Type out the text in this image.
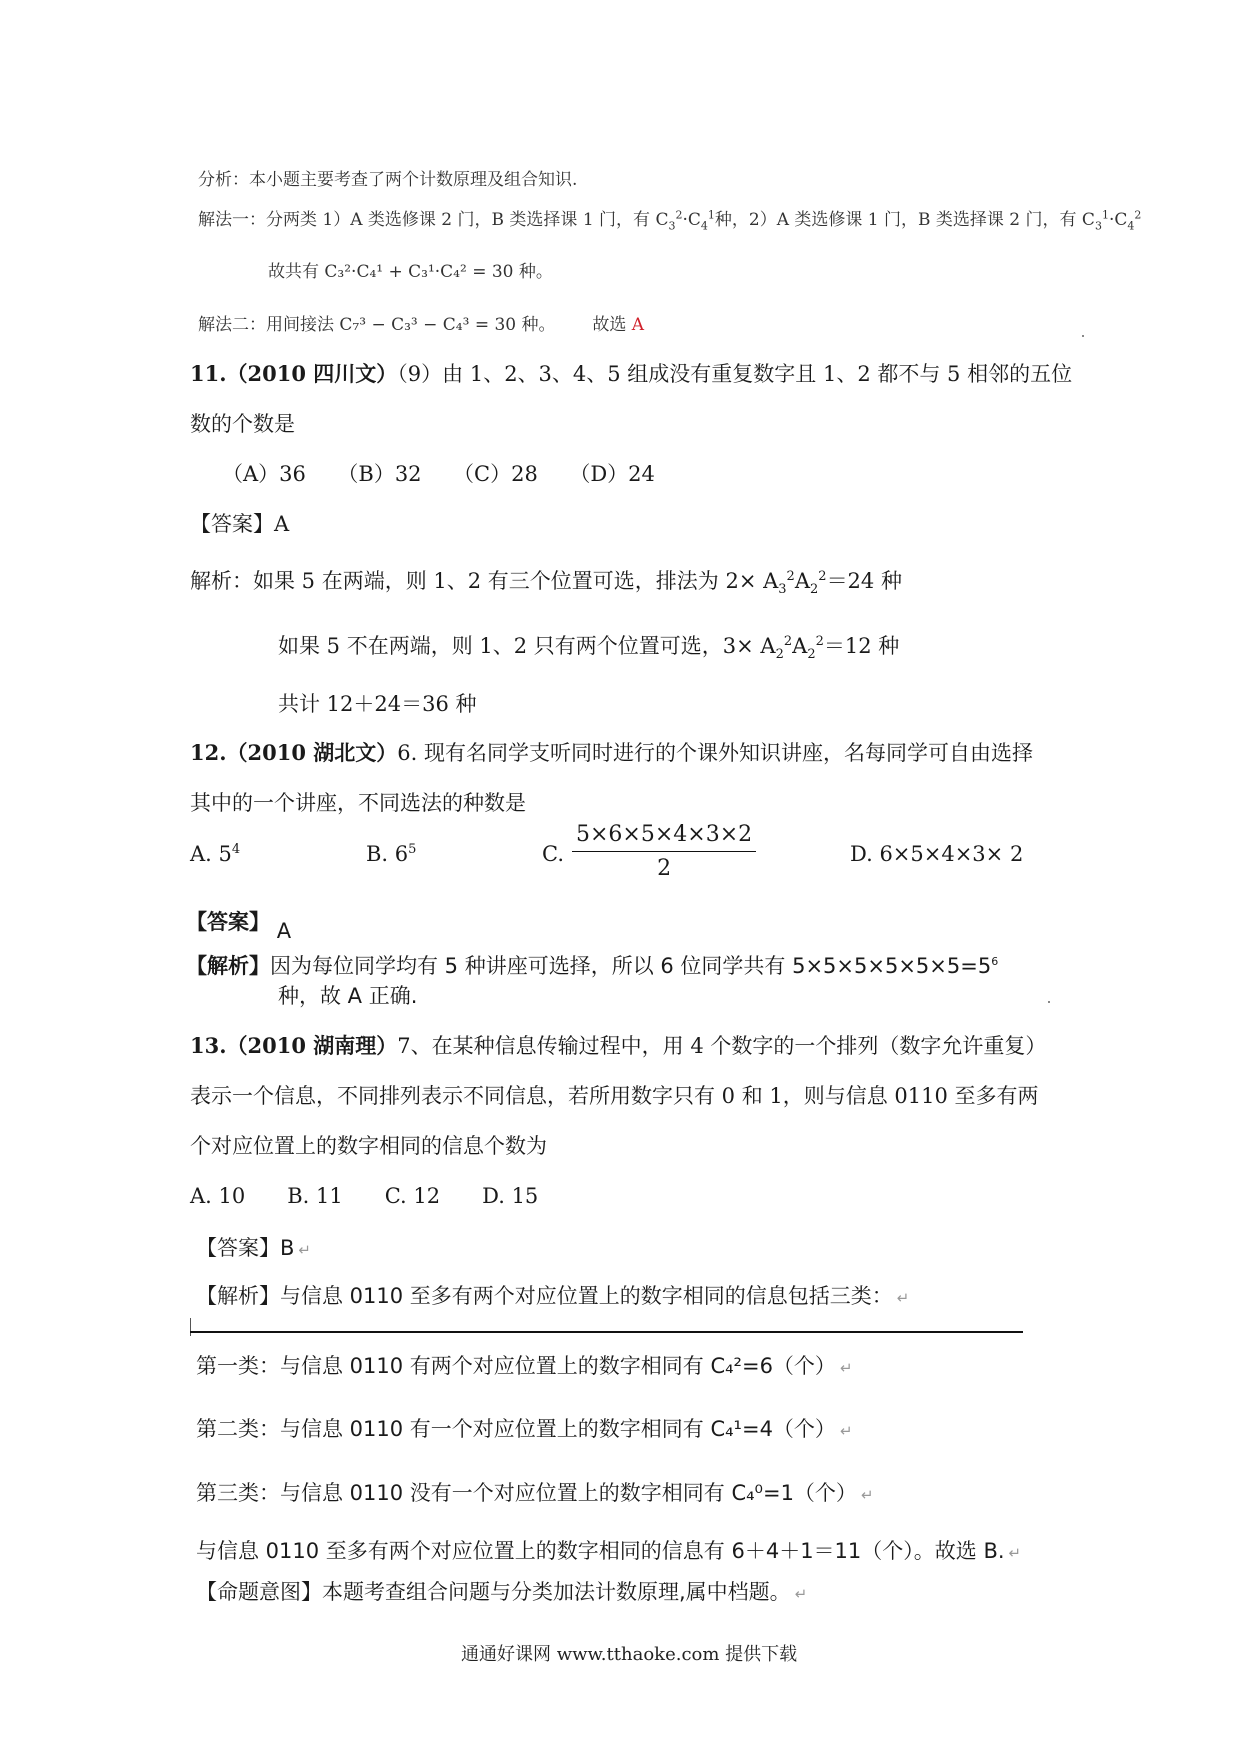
分析：本小题主要考查了两个计数原理及组合知识.
解法一：分两类 1）A 类选修课 2 门，B 类选择课 1 门，有 $C_3^2\cdot C_4^1$种，2）A 类选修课 1 门，B 类选择课 2 门，有 $C_3^1\cdot C_4^2$
故共有 C₃²·C₄¹ + C₃¹·C₄² = 30 种。
解法二：用间接法 C₇³ − C₃³ − C₄³ = 30 种。 故选 A
11.（2010 四川文）（9）由 1、2、3、4、5 组成没有重复数字且 1、2 都不与 5 相邻的五位
数的个数是
（A）36　　（B）32　　（C）28　　（D）24
【答案】A
解析：如果 5 在两端，则 1、2 有三个位置可选，排法为 $2\times A_3^2A_2^2=24$ 种
如果 5 不在两端，则 1、2 只有两个位置可选，$3\times A_2^2A_2^2=12$ 种
共计 12＋24＝36 种
12.（2010 湖北文）6. 现有名同学支听同时进行的个课外知识讲座，名每同学可自由选择
其中的一个讲座，不同选法的种数是
A. $5^4$	B. $6^5$	C. $\frac{5\times 6\times 5\times 4\times 3\times 2}{2}$	D. 6×5×4×3× 2
【答案】 A
【解析】因为每位同学均有 5 种讲座可选择，所以 6 位同学共有 $5\times 5\times 5\times 5\times 5\times 5=5^6$
种，故 A 正确.
13.（2010 湖南理）7、在某种信息传输过程中，用 4 个数字的一个排列（数字允许重复）
表示一个信息，不同排列表示不同信息，若所用数字只有 0 和 1，则与信息 0110 至多有两
个对应位置上的数字相同的信息个数为
A. 10　　B. 11　　C. 12　　D. 15
【答案】B ↵
【解析】与信息 0110 至多有两个对应位置上的数字相同的信息包括三类： ↵
第一类：与信息 0110 有两个对应位置上的数字相同有 C₄²=6（个） ↵
第二类：与信息 0110 有一个对应位置上的数字相同有 C₄¹=4（个） ↵
第三类：与信息 0110 没有一个对应位置上的数字相同有 C₄⁰=1（个） ↵
与信息 0110 至多有两个对应位置上的数字相同的信息有 6＋4＋1＝11（个）。故选 B. ↵
【命题意图】本题考查组合问题与分类加法计数原理,属中档题。 ↵
通通好课网 www.tthaoke.com 提供下载
